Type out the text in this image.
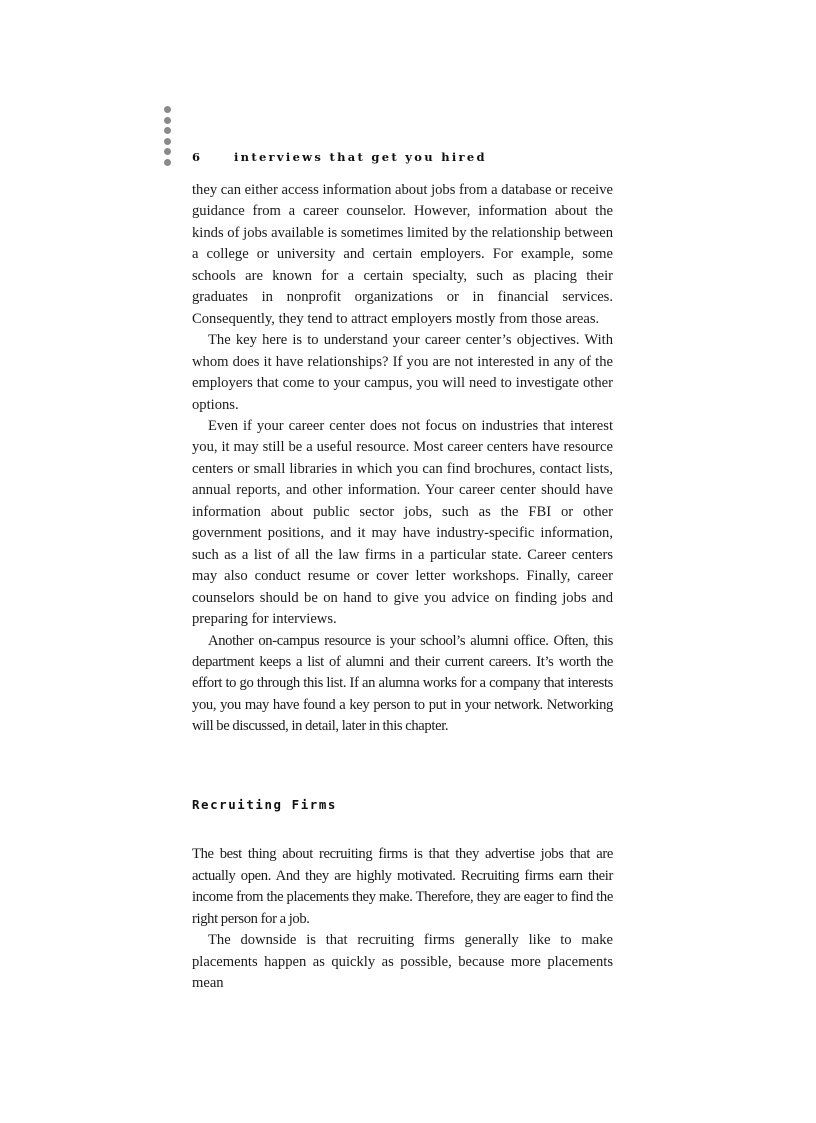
6	interviews that get you hired

they can either access information about jobs from a database or receive guidance from a career counselor. However, information about the kinds of jobs available is sometimes limited by the relationship between a college or university and certain employers. For example, some schools are known for a certain specialty, such as placing their graduates in nonprofit organizations or in financial services. Consequently, they tend to attract employers mostly from those areas.

The key here is to understand your career center’s objectives. With whom does it have relationships? If you are not interested in any of the employers that come to your campus, you will need to investigate other options.

Even if your career center does not focus on industries that interest you, it may still be a useful resource. Most career centers have resource centers or small libraries in which you can find brochures, contact lists, annual reports, and other information. Your career center should have information about public sector jobs, such as the FBI or other government positions, and it may have industry-specific information, such as a list of all the law firms in a particular state. Career centers may also conduct resume or cover letter workshops. Finally, career counselors should be on hand to give you advice on finding jobs and preparing for interviews.

Another on-campus resource is your school’s alumni office. Often, this department keeps a list of alumni and their current careers. It’s worth the effort to go through this list. If an alumna works for a company that interests you, you may have found a key person to put in your network. Networking will be discussed, in detail, later in this chapter.

Recruiting Firms

The best thing about recruiting firms is that they advertise jobs that are actually open. And they are highly motivated. Recruiting firms earn their income from the placements they make. Therefore, they are eager to find the right person for a job.

The downside is that recruiting firms generally like to make placements happen as quickly as possible, because more placements mean
